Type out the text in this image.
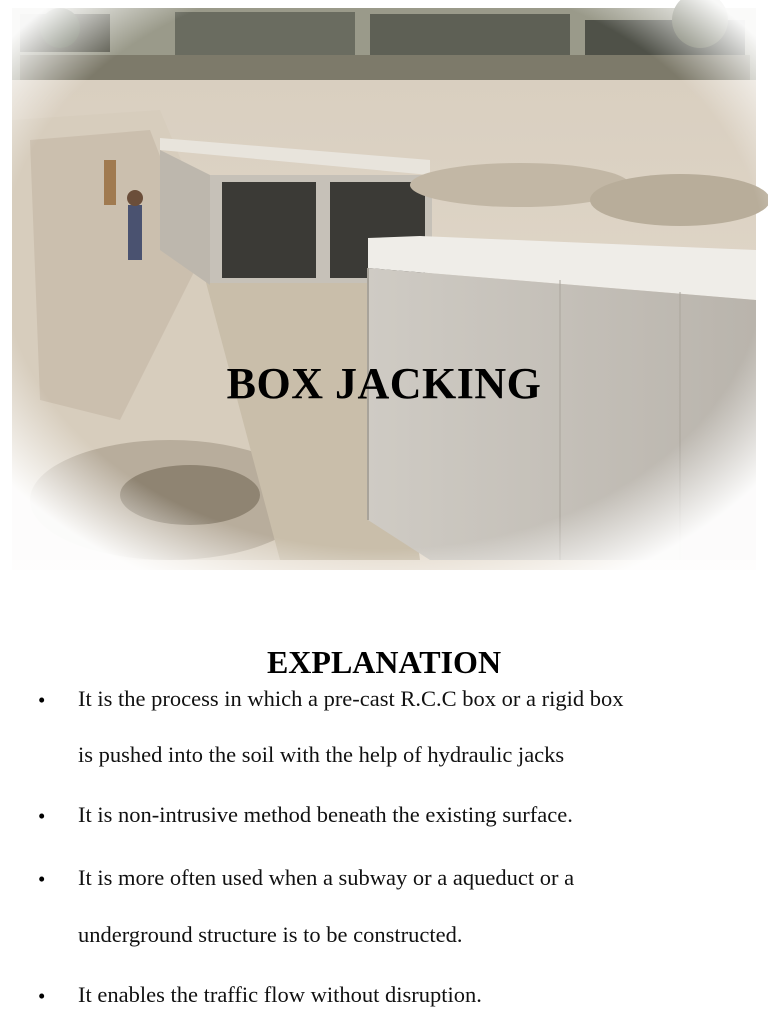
BOX JACKING
EXPLANATION
• It is the process in which a pre-cast R.C.C box or a rigid box
is pushed into the soil with the help of hydraulic jacks
• It is non-intrusive method beneath the existing surface.
• It is more often used when a subway or a aqueduct or a
underground structure is to be constructed.
• It enables the traffic flow without disruption.
